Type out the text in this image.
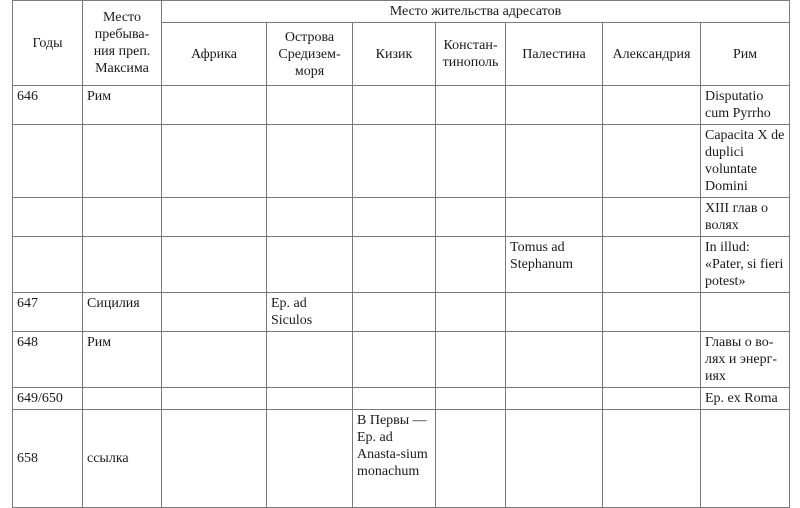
Годы	Место пребыва-ния преп. Максима	Место жительства адресатов						
		Африка	Острова Средизем-моря	Кизик	Констан-тинополь	Палестина	Александрия	Рим
646	Рим							Disputatio cum Pyrrho
								Capacita X de duplici voluntate Domini
								XIII глав о волях
						Tomus ad Stephanum		In illud: «Pater, si fieri potest»
647	Сицилия		Ep. ad Siculos					
648	Рим							Главы о во-лях и энерг-иях
649/650								Ep. ex Roma
658	ссылка			В Первы — Ep. ad Anasta-sium monachum				
